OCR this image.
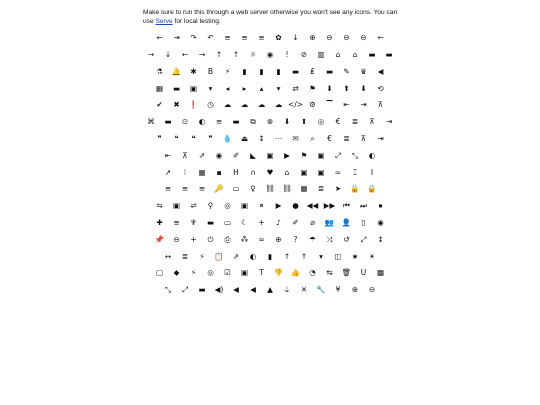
Make sure to run this through a web server otherwise you won't see any icons. You can use Serve for local testing.
←	⇥	↷	↶	≡	≡	≡	✿	↓	⊕	⊖	⊖	⊖	←
→	↓	←	→	↑	↑	☼	◉	!	⊘	▥	⌂	⌂	▬	▬
⚗	🔔	✱	B	⚡	▮	▮	▮	▬	₤	▬	✎	♛	◀
▦	▬	▣	▾	◂	▸	▴	▾	⇄	⚑	⬇	⬆	⬇	⟲
✔	✖	❗	◷	☁	☁	☁	☁ </> ⚙	▔	⇤	⇥	⊼
⌘	▬	⊙	◐	≡	▬	⧉	⊗	⬇	⬆	◎	€	≣	⊼	⇥
❞	❝	❝	❞	💧	⏏	↕	⋯	✉	⌕	€	≣	⊼	⇥
⇤	⊼	⇗	◉	✐	◣	▣	▶	⚑	▣	⤢	⤡	◐
↗	⁝	▦	▪	H	∩	♥	⌂	▣	▣	∞	⌶	I
≡	≡	≡	🔑	▭	♀	⛓ ⛓	▦	≣	➤	🔒 🔒
⇋	▣	⇌	⚲	◎	▣	⏸	▶	●	◀◀ ▶▶	⏮	⏭	⏹
✚	≡	♆	▬	▭	☾	+	♪	✐	⌀	👥 👤	▯	◉
📌	⊖	+	⏻	⎙	⁂	≈	⊕	?	☂	⤨	↺	⤢	↕
↔	≣	⚡	📋	⇗	◐	▮	↑	↑	▾	◫	★	☀
▢	◆	⚡	◎	☑	▣	T	👎 👍	◔	⇆	🗑	U	▩
⤡	⤢	▬	◀)	◀	◀	▲	⏚	✕	🔧	¥	⊕	⊖
